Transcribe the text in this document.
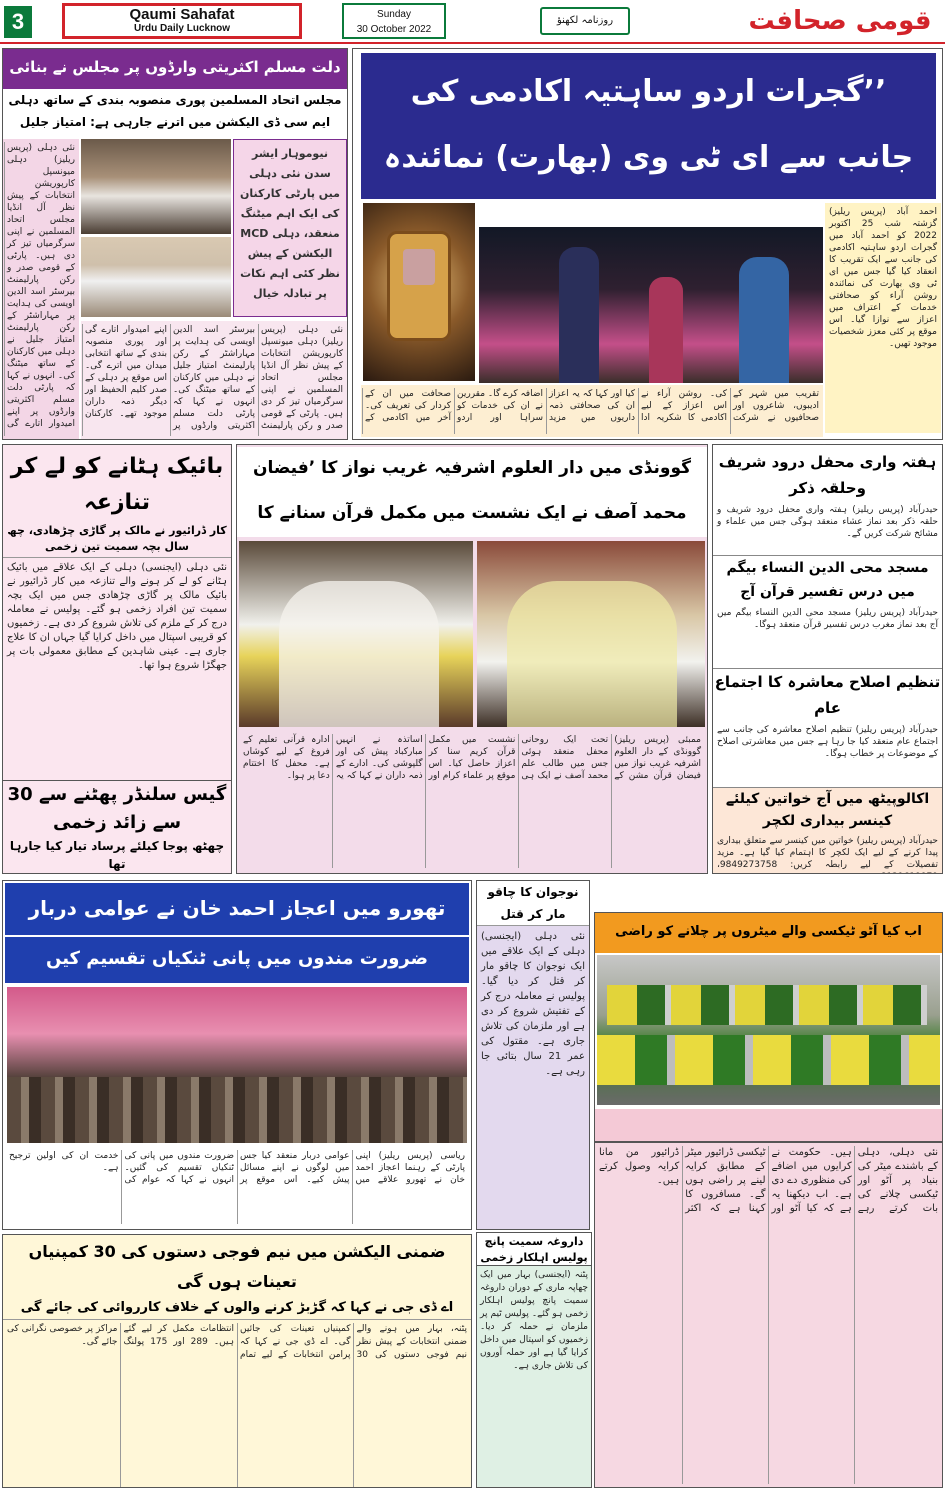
3	Qaumi Sahafat
Urdu Daily Lucknow
Sunday
30 October 2022
روزنامہ لکھنؤ	قومی صحافت
دلت مسلم اکثریتی وارڈوں پر مجلس نے بنائی
مجلس اتحاد المسلمین پوری منصوبہ بندی کے ساتھ دہلی ایم سی ڈی الیکشن میں اترنے جارہی ہے: امتیاز جلیل
نیوموہار ایشر سدن نئی دہلی میں پارٹی کارکنان کی ایک اہم میٹنگ منعقد، دہلی MCD الیکشن کے پیش نظر کئی اہم نکات پر تبادلہ خیال
نئی دہلی (پریس ریلیز) دہلی میونسپل کارپوریشن انتخابات کے پیش نظر آل انڈیا مجلس اتحاد المسلمین نے اپنی سرگرمیاں تیز کر دی ہیں۔ پارٹی کے قومی صدر و رکن پارلیمنٹ بیرسٹر اسد الدین اویسی کی ہدایت پر مہاراشٹر کے رکن پارلیمنٹ امتیاز جلیل نے دہلی میں کارکنان کے ساتھ میٹنگ کی۔ انہوں نے کہا کہ پارٹی دلت مسلم اکثریتی وارڈوں پر اپنے امیدوار اتارے گی
نئی دہلی (پریس ریلیز) دہلی میونسپل کارپوریشن انتخابات کے پیش نظر آل انڈیا مجلس اتحاد المسلمین نے اپنی سرگرمیاں تیز کر دی ہیں۔ پارٹی کے قومی صدر و رکن پارلیمنٹ بیرسٹر اسد الدین اویسی کی ہدایت پر مہاراشٹر کے رکن پارلیمنٹ امتیاز جلیل نے دہلی میں کارکنان کے ساتھ میٹنگ کی۔ انہوں نے کہا کہ پارٹی دلت مسلم اکثریتی وارڈوں پر اپنے امیدوار اتارے گی اور پوری منصوبہ بندی کے ساتھ انتخابی میدان میں اترے گی۔ اس موقع پر دہلی کے صدر کلیم الحفیظ اور دیگر ذمہ داران موجود تھے۔ کارکنان
’’گجرات اردو ساہتیہ اکادمی کی جانب سے ای ٹی وی (بھارت) نمائندہ
احمد آباد (پریس ریلیز) گزشتہ شب 25 اکتوبر 2022 کو احمد آباد میں گجرات اردو ساہتیہ اکادمی کی جانب سے ایک تقریب کا انعقاد کیا گیا جس میں ای ٹی وی بھارت کی نمائندہ روشن آراء کو صحافتی خدمات کے اعتراف میں اعزاز سے نوازا گیا۔ اس موقع پر کئی معزز شخصیات موجود تھیں۔
تقریب میں شہر کے ادیبوں، شاعروں اور صحافیوں نے شرکت کی۔ روشن آراء نے اس اعزاز کے لیے اکادمی کا شکریہ ادا کیا اور کہا کہ یہ اعزاز ان کی صحافتی ذمہ داریوں میں مزید اضافہ کرے گا۔ مقررین نے ان کی خدمات کو سراہا اور اردو صحافت میں ان کے کردار کی تعریف کی۔ آخر میں اکادمی کے
بائیک ہٹانے کو لے کر تنازعہ
کار ڈرائیور نے مالک پر گاڑی چڑھادی، چھ سال بچہ سمیت تین زخمی
نئی دہلی (ایجنسی) دہلی کے ایک علاقے میں بائیک ہٹانے کو لے کر ہونے والے تنازعہ میں کار ڈرائیور نے بائیک مالک پر گاڑی چڑھادی جس میں ایک بچہ سمیت تین افراد زخمی ہو گئے۔ پولیس نے معاملہ درج کر کے ملزم کی تلاش شروع کر دی ہے۔ زخمیوں کو قریبی اسپتال میں داخل کرایا گیا جہاں ان کا علاج جاری ہے۔ عینی شاہدین کے مطابق معمولی بات پر جھگڑا شروع ہوا تھا۔
گیس سلنڈر پھٹنے سے 30 سے زائد زخمی
چھٹھ پوجا کیلئے پرساد تیار کیا جارہا تھا
گوونڈی میں دار العلوم اشرفیہ غریب نواز کا ’فیضان
محمد آصف نے ایک نشست میں مکمل قرآن سنانے کا
ممبئی (پریس ریلیز) گوونڈی کے دار العلوم اشرفیہ غریب نواز میں فیضان قرآن مشن کے تحت ایک روحانی محفل منعقد ہوئی جس میں طالب علم محمد آصف نے ایک ہی نشست میں مکمل قرآن کریم سنا کر اعزاز حاصل کیا۔ اس موقع پر علماء کرام اور اساتذہ نے انہیں مبارکباد پیش کی اور گلپوشی کی۔ ادارے کے ذمہ داران نے کہا کہ یہ ادارہ قرآنی تعلیم کے فروغ کے لیے کوشاں ہے۔ محفل کا اختتام دعا پر ہوا۔
ہفتہ واری محفل درود شریف وحلقہ ذکر
حیدرآباد (پریس ریلیز) ہفتہ واری محفل درود شریف و حلقہ ذکر بعد نماز عشاء منعقد ہوگی جس میں علماء و مشائخ شرکت کریں گے۔
مسجد محی الدین النساء بیگم میں درس تفسیر قرآن آج
حیدرآباد (پریس ریلیز) مسجد محی الدین النساء بیگم میں آج بعد نماز مغرب درس تفسیر قرآن منعقد ہوگا۔
تنظیم اصلاح معاشرہ کا اجتماع عام
حیدرآباد (پریس ریلیز) تنظیم اصلاح معاشرہ کی جانب سے اجتماع عام منعقد کیا جا رہا ہے جس میں معاشرتی اصلاح کے موضوعات پر خطاب ہوگا۔
اکالوپیٹھ میں آج خواتین کیلئے کینسر بیداری لکچر
حیدرآباد (پریس ریلیز) خواتین میں کینسر سے متعلق بیداری پیدا کرنے کے لیے ایک لکچر کا اہتمام کیا گیا ہے۔ مزید تفصیلات کے لیے رابطہ کریں: 9849273758،
تھورو میں اعجاز احمد خان نے عوامی دربار
ضرورت مندوں میں پانی ٹنکیاں تقسیم کیں
ریاسی (پریس ریلیز) اپنی پارٹی کے رہنما اعجاز احمد خان نے تھورو علاقے میں عوامی دربار منعقد کیا جس میں لوگوں نے اپنے مسائل پیش کیے۔ اس موقع پر ضرورت مندوں میں پانی کی ٹنکیاں تقسیم کی گئیں۔ انہوں نے کہا کہ عوام کی خدمت ان کی اولین ترجیح ہے۔
نوجوان کا چاقو مار کر قتل
نئی دہلی (ایجنسی) دہلی کے ایک علاقے میں ایک نوجوان کا چاقو مار کر قتل کر دیا گیا۔ پولیس نے معاملہ درج کر کے تفتیش شروع کر دی ہے اور ملزمان کی تلاش جاری ہے۔ مقتول کی عمر 21 سال بتائی جا رہی ہے۔
اب کیا آٹو ٹیکسی والے میٹروں پر چلانے کو راضی
نئی دہلی، دہلی کے باشندے میٹر کی بنیاد پر آٹو اور ٹیکسی چلانے کی بات کرتے رہے ہیں۔ حکومت نے کرایوں میں اضافے کی منظوری دے دی ہے۔ اب دیکھنا یہ ہے کہ کیا آٹو اور ٹیکسی ڈرائیور میٹر کے مطابق کرایہ لینے پر راضی ہوں گے۔ مسافروں کا کہنا ہے کہ اکثر ڈرائیور من مانا کرایہ وصول کرتے ہیں۔
داروغہ سمیت پانچ پولیس اہلکار زخمی
پٹنہ (ایجنسی) بہار میں ایک چھاپہ ماری کے دوران داروغہ سمیت پانچ پولیس اہلکار زخمی ہو گئے۔ پولیس ٹیم پر ملزمان نے حملہ کر دیا۔ زخمیوں کو اسپتال میں داخل کرایا گیا ہے اور حملہ آوروں کی تلاش جاری ہے۔
ضمنی الیکشن میں نیم فوجی دستوں کی 30 کمپنیاں تعینات ہوں گی
اے ڈی جی نے کہا کہ گڑبڑ کرنے والوں کے خلاف کارروائی کی جائے گی
پٹنہ، بہار میں ہونے والے ضمنی انتخابات کے پیش نظر نیم فوجی دستوں کی 30 کمپنیاں تعینات کی جائیں گی۔ اے ڈی جی نے کہا کہ پرامن انتخابات کے لیے تمام انتظامات مکمل کر لیے گئے ہیں۔ 289 اور 175 پولنگ مراکز پر خصوصی نگرانی کی جائے گی۔
